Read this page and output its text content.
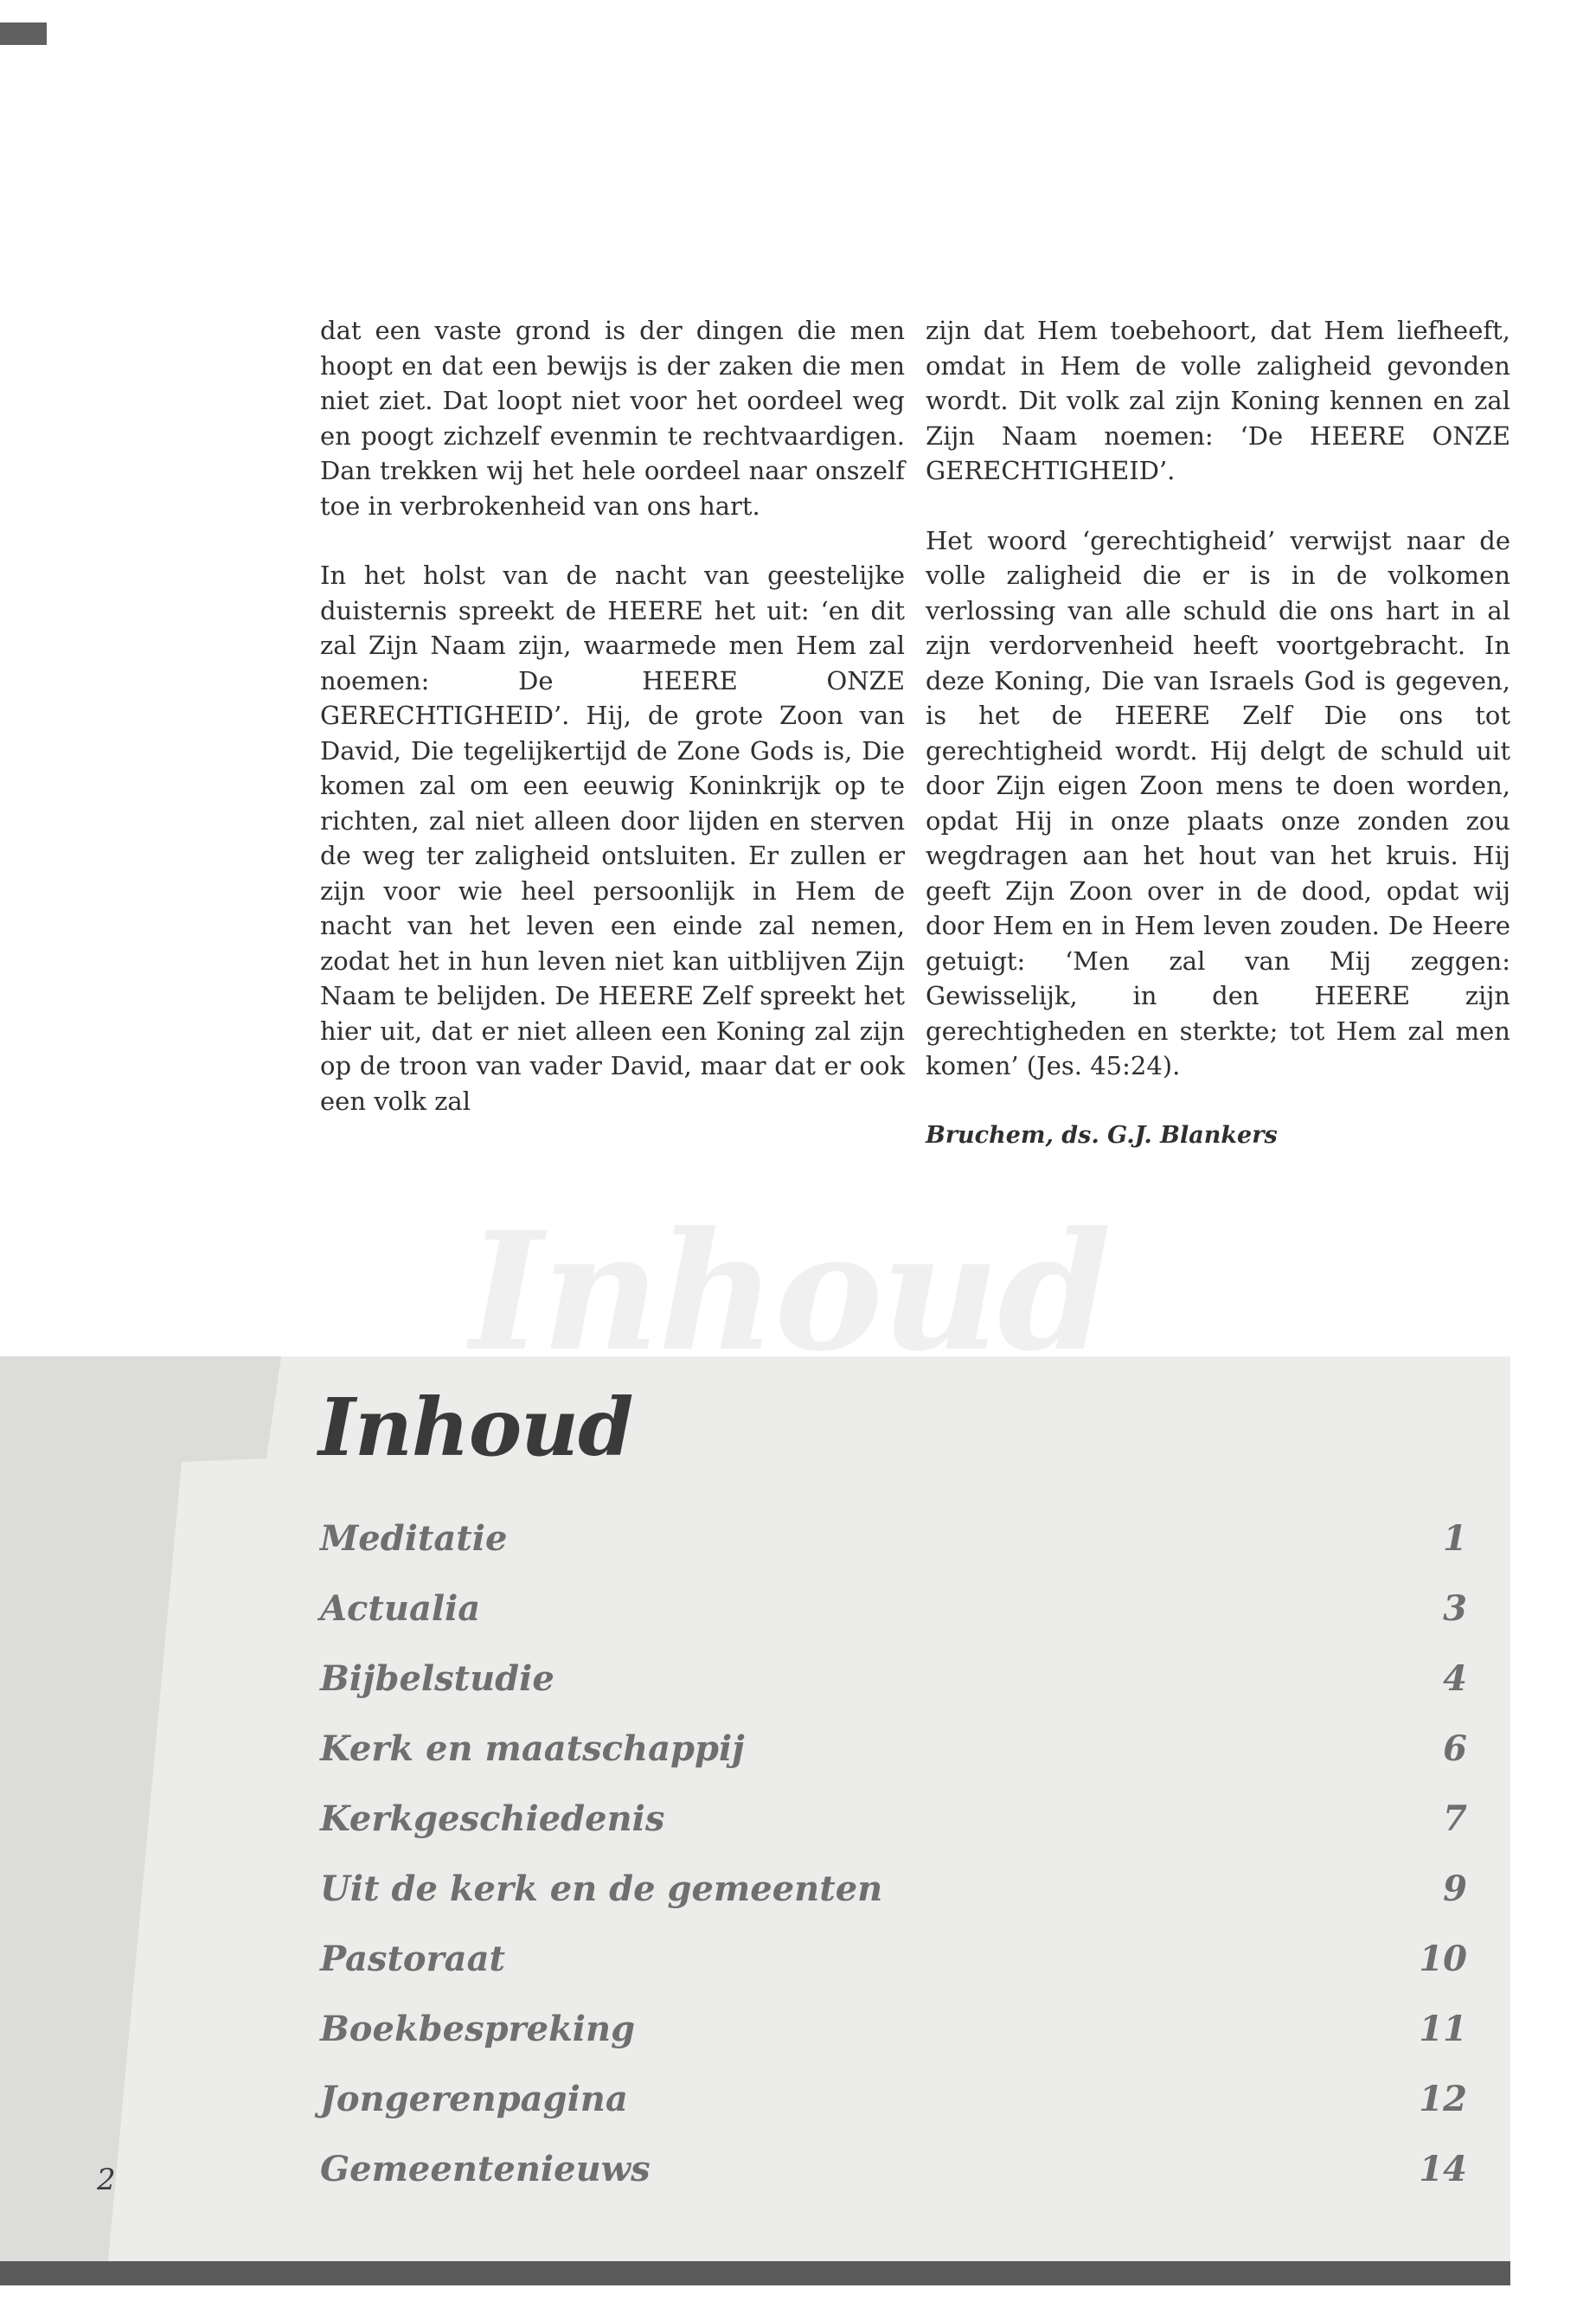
dat een vaste grond is der dingen die men hoopt en dat een bewijs is der zaken die men niet ziet. Dat loopt niet voor het oordeel weg en poogt zichzelf evenmin te rechtvaardigen. Dan trekken wij het hele oordeel naar onszelf toe in verbrokenheid van ons hart.

In het holst van de nacht van geestelijke duisternis spreekt de HEERE het uit: ‘en dit zal Zijn Naam zijn, waarmede men Hem zal noemen: De HEERE ONZE GERECHTIGHEID’. Hij, de grote Zoon van David, Die tegelijkertijd de Zone Gods is, Die komen zal om een eeuwig Koninkrijk op te richten, zal niet alleen door lijden en sterven de weg ter zaligheid ontsluiten. Er zullen er zijn voor wie heel persoonlijk in Hem de nacht van het leven een einde zal nemen, zodat het in hun leven niet kan uitblijven Zijn Naam te belijden. De HEERE Zelf spreekt het hier uit, dat er niet alleen een Koning zal zijn op de troon van vader David, maar dat er ook een volk zal

zijn dat Hem toebehoort, dat Hem liefheeft, omdat in Hem de volle zaligheid gevonden wordt. Dit volk zal zijn Koning kennen en zal Zijn Naam noemen: ‘De HEERE ONZE GERECHTIGHEID’.

Het woord ‘gerechtigheid’ verwijst naar de volle zaligheid die er is in de volkomen verlossing van alle schuld die ons hart in al zijn verdorvenheid heeft voortgebracht. In deze Koning, Die van Israels God is gegeven, is het de HEERE Zelf Die ons tot gerechtigheid wordt. Hij delgt de schuld uit door Zijn eigen Zoon mens te doen worden, opdat Hij in onze plaats onze zonden zou wegdragen aan het hout van het kruis. Hij geeft Zijn Zoon over in de dood, opdat wij door Hem en in Hem leven zouden. De Heere getuigt: ‘Men zal van Mij zeggen: Gewisselijk, in den HEERE zijn gerechtigheden en sterkte; tot Hem zal men komen’ (Jes. 45:24).

Bruchem, ds. G.J. Blankers

Inhoud
Inhoud
Meditatie	1
Actualia	3
Bijbelstudie	4
Kerk en maatschappij	6
Kerkgeschiedenis	7
Uit de kerk en de gemeenten	9
Pastoraat	10
Boekbespreking	11
Jongerenpagina	12
Gemeentenieuws	14
2
